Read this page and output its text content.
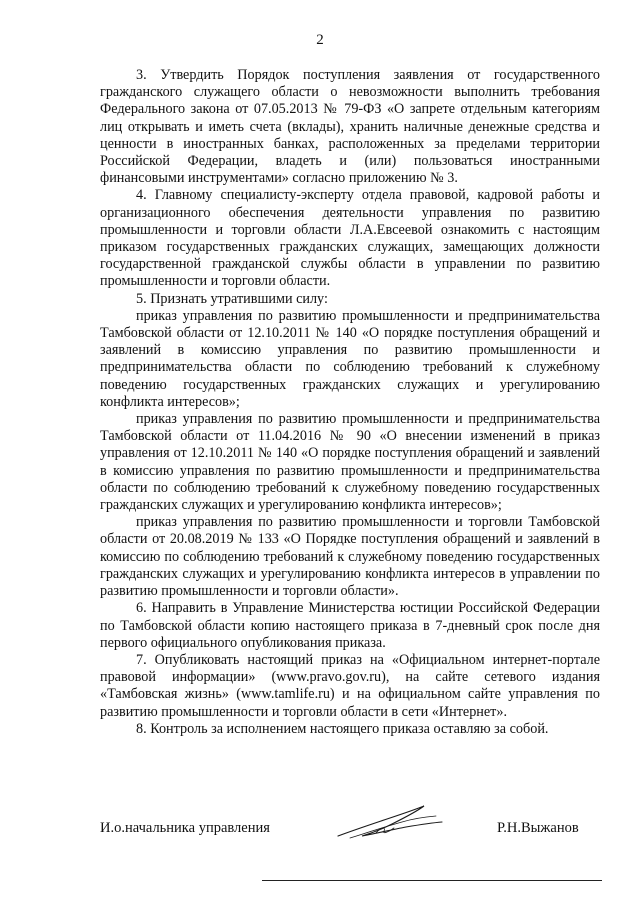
2

3. Утвердить Порядок поступления заявления от государственного гражданского служащего области о невозможности выполнить требования Федерального закона от 07.05.2013 № 79-ФЗ «О запрете отдельным категориям лиц открывать и иметь счета (вклады), хранить наличные денежные средства и ценности в иностранных банках, расположенных за пределами территории Российской Федерации, владеть и (или) пользоваться иностранными финансовыми инструментами» согласно приложению № 3.

4. Главному специалисту-эксперту отдела правовой, кадровой работы и организационного обеспечения деятельности управления по развитию промышленности и торговли области Л.А.Евсеевой ознакомить с настоящим приказом государственных гражданских служащих, замещающих должности государственной гражданской службы области в управлении по развитию промышленности и торговли области.

5. Признать утратившими силу:

приказ управления по развитию промышленности и предпринимательства Тамбовской области от 12.10.2011 № 140 «О порядке поступления обращений и заявлений в комиссию управления по развитию промышленности и предпринимательства области по соблюдению требований к служебному поведению государственных гражданских служащих и урегулированию конфликта интересов»;

приказ управления по развитию промышленности и предпринимательства Тамбовской области от 11.04.2016 № 90 «О внесении изменений в приказ управления от 12.10.2011 № 140 «О порядке поступления обращений и заявлений в комиссию управления по развитию промышленности и предпринимательства области по соблюдению требований к служебному поведению государственных гражданских служащих и урегулированию конфликта интересов»;

приказ управления по развитию промышленности и торговли Тамбовской области от 20.08.2019 № 133 «О Порядке поступления обращений и заявлений в комиссию по соблюдению требований к служебному поведению государственных гражданских служащих и урегулированию конфликта интересов в управлении по развитию промышленности и торговли области».

6. Направить в Управление Министерства юстиции Российской Федерации по Тамбовской области копию настоящего приказа в 7-дневный срок после дня первого официального опубликования приказа.

7. Опубликовать настоящий приказ на «Официальном интернет-портале правовой информации» (www.pravo.gov.ru), на сайте сетевого издания «Тамбовская жизнь» (www.tamlife.ru) и на официальном сайте управления по развитию промышленности и торговли области в сети «Интернет».

8. Контроль за исполнением настоящего приказа оставляю за собой.

И.о.начальника управления	Р.Н.Выжанов
